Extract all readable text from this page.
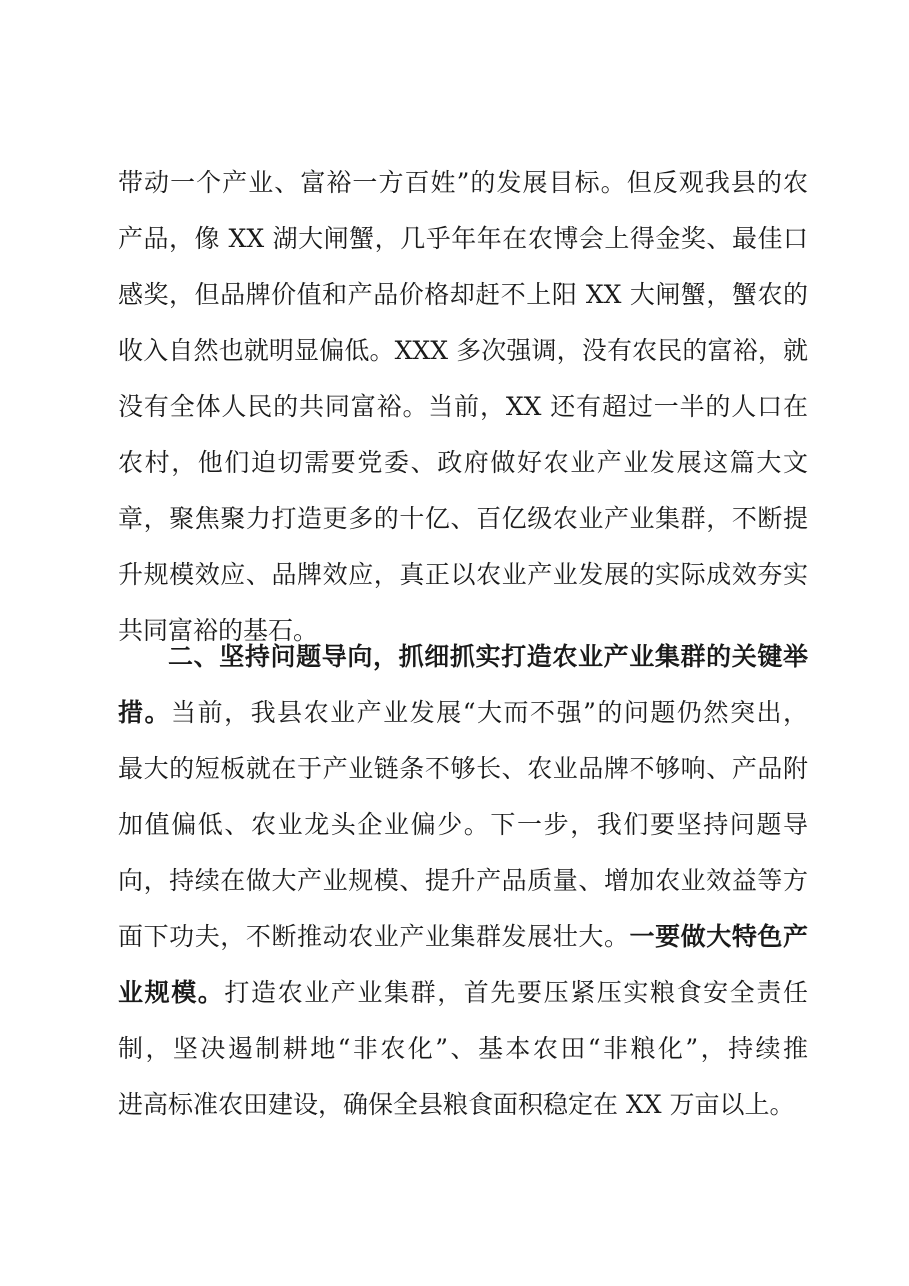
带动一个产业、富裕一方百姓”的发展目标。但反观我县的农
产品，像 XX 湖大闸蟹，几乎年年在农博会上得金奖、最佳口
感奖，但品牌价值和产品价格却赶不上阳 XX 大闸蟹，蟹农的
收入自然也就明显偏低。XXX 多次强调，没有农民的富裕，就
没有全体人民的共同富裕。当前，XX 还有超过一半的人口在
农村，他们迫切需要党委、政府做好农业产业发展这篇大文
章，聚焦聚力打造更多的十亿、百亿级农业产业集群，不断提
升规模效应、品牌效应，真正以农业产业发展的实际成效夯实
共同富裕的基石。
二、坚持问题导向，抓细抓实打造农业产业集群的关键举
措。当前，我县农业产业发展“大而不强”的问题仍然突出，
最大的短板就在于产业链条不够长、农业品牌不够响、产品附
加值偏低、农业龙头企业偏少。下一步，我们要坚持问题导
向，持续在做大产业规模、提升产品质量、增加农业效益等方
面下功夫，不断推动农业产业集群发展壮大。一要做大特色产
业规模。打造农业产业集群，首先要压紧压实粮食安全责任
制，坚决遏制耕地“非农化”、基本农田“非粮化”，持续推
进高标准农田建设，确保全县粮食面积稳定在 XX 万亩以上。
